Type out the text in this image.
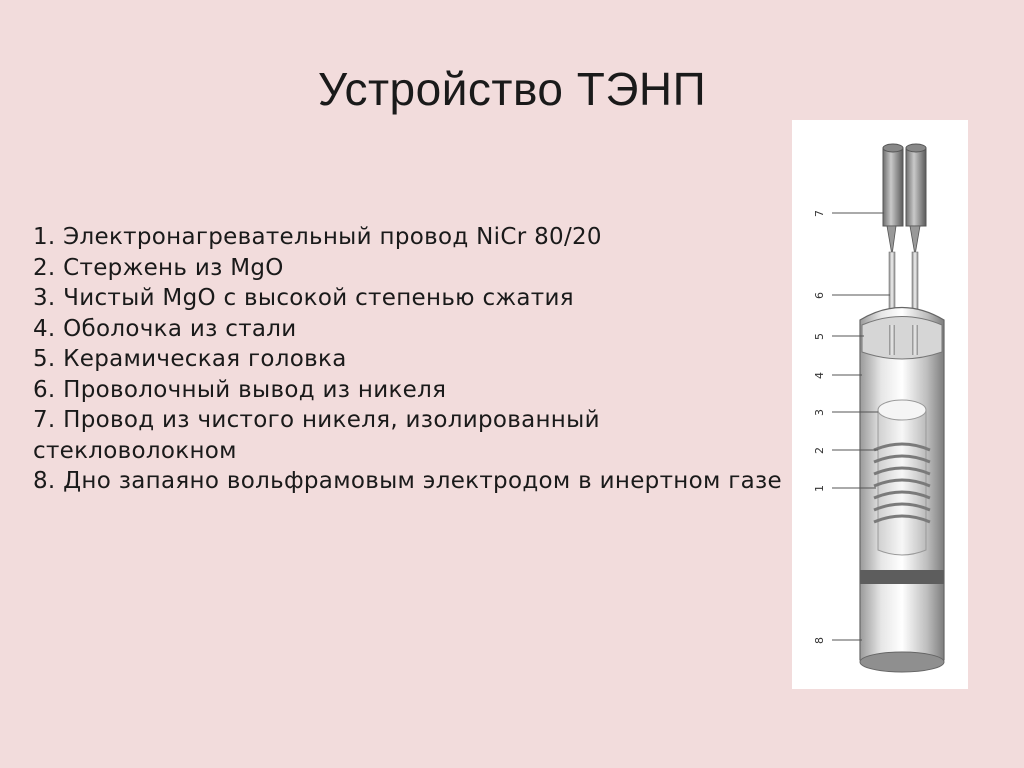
Устройство ТЭНП
1. Электронагревательный провод NiCr 80/20
2. Стержень из MgO
3. Чистый MgO с высокой степенью сжатия
4. Оболочка из стали
5. Керамическая головка
6. Проволочный вывод из никеля
7. Провод из чистого никеля, изолированный стекловолокном
8. Дно запаяно вольфрамовым электродом в инертном газе
7
6
5
4
3
2
1
8
